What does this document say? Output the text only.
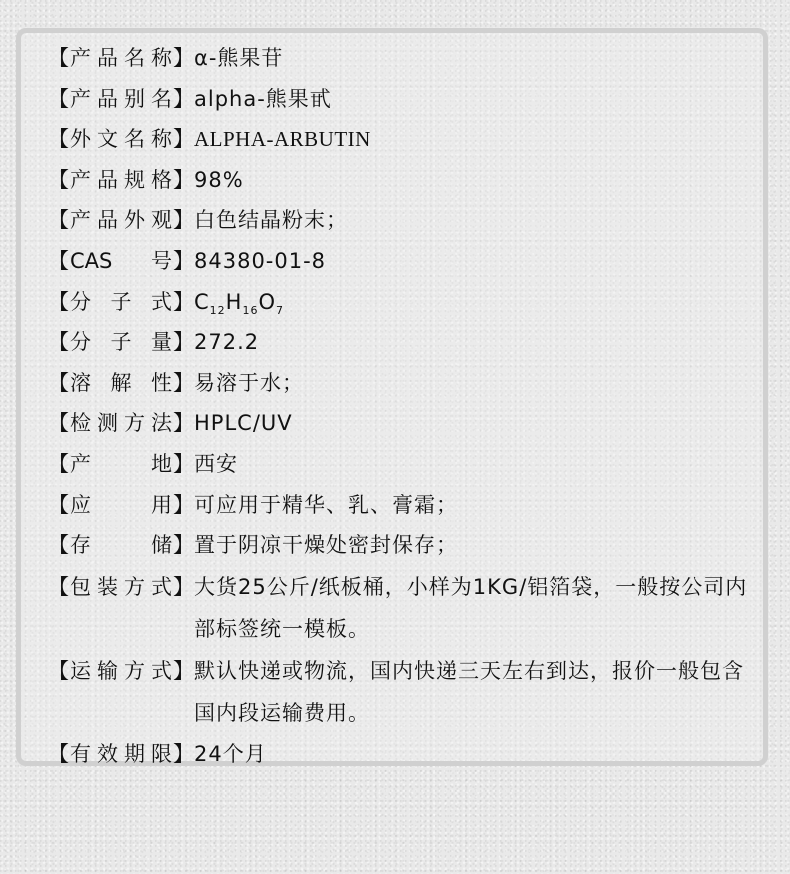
【 产 品 名 称 】 α-熊果苷
【 产 品 别 名 】 alpha-熊果甙
【 外 文 名 称 】 ALPHA-ARBUTIN
【 产 品 规 格 】 98%
【 产 品 外 观 】 白色结晶粉末；
【 CAS 号 】 84380-01-8
【 分 子 式 】 $C_{12}H_{16}O_7$
【 分 子 量 】 272.2
【 溶 解 性 】 易溶于水；
【 检 测 方 法 】 HPLC/UV
【 产	地 】 西安
【 应	用 】 可应用于精华、乳、膏霜；
【 存	储 】 置于阴凉干燥处密封保存；
【 包 装 方 式 】 大货25公斤/纸板桶，小样为1KG/铝箔袋，一般按公司内部标签统一模板。
【 运 输 方 式 】 默认快递或物流，国内快递三天左右到达，报价一般包含国内段运输费用。
【 有 效 期 限 】 24个月
